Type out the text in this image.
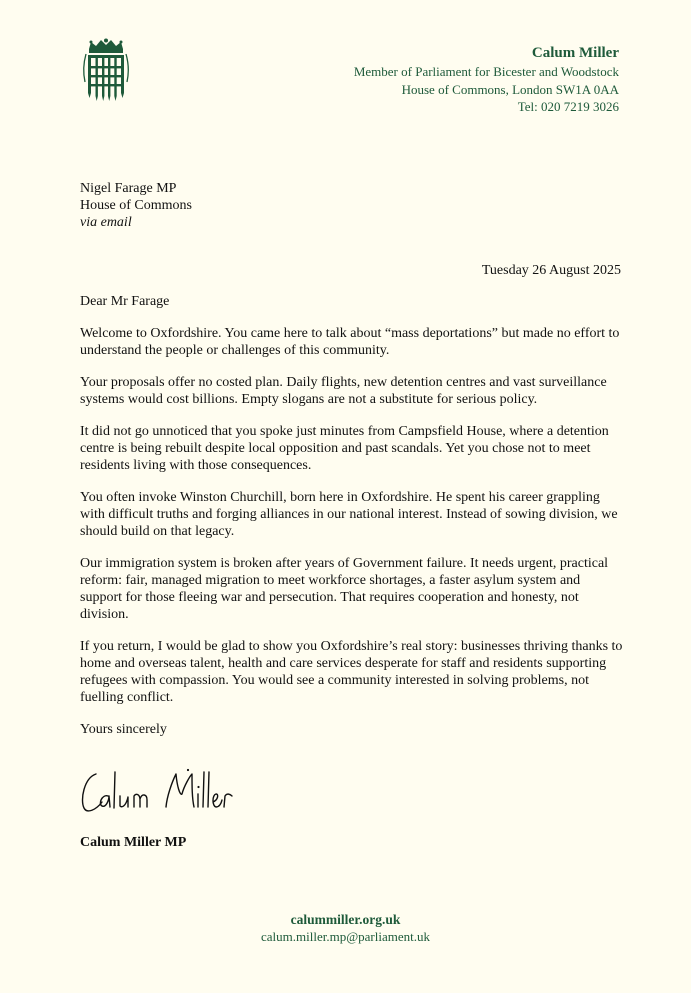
Calum Miller
Member of Parliament for Bicester and Woodstock
House of Commons, London SW1A 0AA
Tel: 020 7219 3026
Nigel Farage MP
House of Commons
via email
Tuesday 26 August 2025

Dear Mr Farage

Welcome to Oxfordshire. You came here to talk about “mass deportations” but made no effort to understand the people or challenges of this community.

Your proposals offer no costed plan. Daily flights, new detention centres and vast surveillance systems would cost billions. Empty slogans are not a substitute for serious policy.

It did not go unnoticed that you spoke just minutes from Campsfield House, where a detention centre is being rebuilt despite local opposition and past scandals. Yet you chose not to meet residents living with those consequences.

You often invoke Winston Churchill, born here in Oxfordshire. He spent his career grappling with difficult truths and forging alliances in our national interest. Instead of sowing division, we should build on that legacy.

Our immigration system is broken after years of Government failure. It needs urgent, practical reform: fair, managed migration to meet workforce shortages, a faster asylum system and support for those fleeing war and persecution. That requires cooperation and honesty, not division.

If you return, I would be glad to show you Oxfordshire’s real story: businesses thriving thanks to home and overseas talent, health and care services desperate for staff and residents supporting refugees with compassion. You would see a community interested in solving problems, not fuelling conflict.

Yours sincerely

Calum Miller MP
calummiller.org.uk
calum.miller.mp@parliament.uk
